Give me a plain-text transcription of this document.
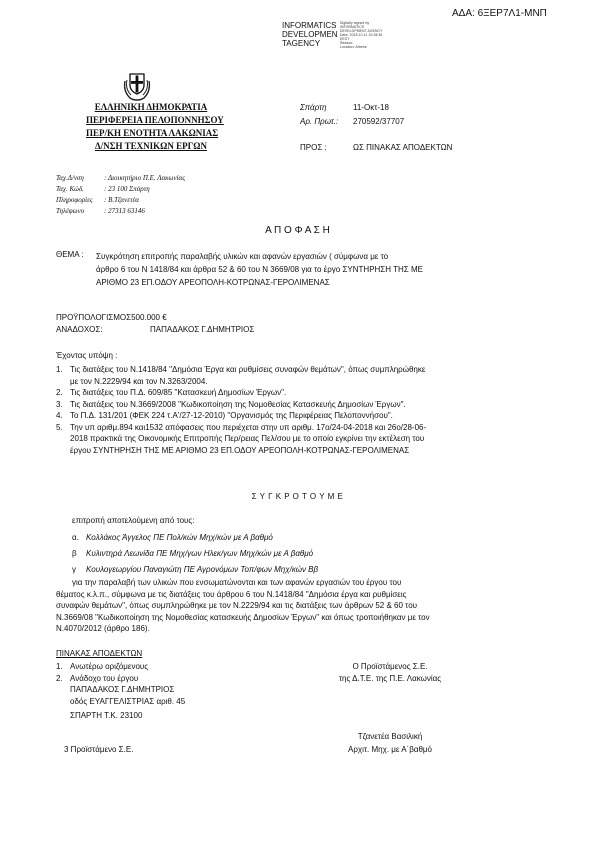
ΑΔΑ: 6ΞΕΡ7Λ1-ΜΝΠ
INFORMATICS
DEVELOPMEN
TAGENCY
Digitally signed by
INFORMATICS
DEVELOPMENT AGENCY
Date: 2018.10.11 10:28:36
EEST
Reason:
Location: Athens
ΕΛΛΗΝΙΚΗ ΔΗΜΟΚΡΑΤΙΑ
ΠΕΡΙΦΕΡΕΙΑ ΠΕΛΟΠΟΝΝΗΣΟΥ
ΠΕΡ/ΚΗ ΕΝΟΤΗΤΑ ΛΑΚΩΝΙΑΣ
Δ/ΝΣΗ ΤΕΧΝΙΚΩΝ ΕΡΓΩΝ
Σπάρτη	11-Οκτ-18
Αρ. Πρωτ.: 270592/37707
ΠΡΟΣ :	ΩΣ ΠΙΝΑΚΑΣ ΑΠΟΔΕΚΤΩΝ
Ταχ.Δ/νση	: Διοικητήριο Π.Ε. Λακωνίας
Ταχ. Κώδ.	: 23 100 Σπάρτη
Πληροφορίες : Β.Τζανετέα
Τηλέφωνο	: 27313 63146
Α Π Ο Φ Α Σ Η
ΘΕΜΑ : Συγκρότηση επιτροπής παραλαβής υλικών και αφανών εργασιών ( σύμφωνα με το
άρθρο 6 του Ν 1418/84 και άρθρα 52 & 60 του Ν 3669/08 για το έργο ΣΥΝΤΗΡΗΣΗ ΤΗΣ ΜΕ
ΑΡΙΘΜΟ 23 ΕΠ.ΟΔΟΥ ΑΡΕΟΠΟΛΗ-ΚΟΤΡΩΝΑΣ-ΓΕΡΟΛΙΜΕΝΑΣ
ΠΡΟΫΠΟΛΟΓΙΣΜΟΣ500.000 €
ΑΝΑΔΟΧΟΣ:	ΠΑΠΑΔΑΚΟΣ Γ.ΔΗΜΗΤΡΙΟΣ
Έχοντας υπόψη :
1. Τις διατάξεις του Ν.1418/84 "Δημόσια Έργα και ρυθμίσεις συναφών θεμάτων", όπως συμπληρώθηκε
με τον Ν.2229/94 και τον Ν.3263/2004.
2. Τις διατάξεις του Π.Δ. 609/85 "Κατασκευή Δημοσίων Έργων".
3. Τις διατάξεις του Ν.3669/2008 "Κωδικοποίηση της Νομοθεσίας Κατασκευής Δημοσίων Έργων".
4. Το Π.Δ. 131/201 (ΦΕΚ 224 τ.Α'/27-12-2010) "Οργανισμός της Περιφέρειας Πελοποννήσου".
5. Την υπ αριθμ.894 και1532 απόφασεις που περιέχεται στην υπ αριθμ. 17ο/24-04-2018 και 26ο/28-06-
2018 πρακτικά της Οικονομικής Επιτροπής Περ/ρειας Πελ/σου με το οποίο εγκρίνει την εκτέλεση του
έργου ΣΥΝΤΗΡΗΣΗ ΤΗΣ ΜΕ ΑΡΙΘΜΟ 23 ΕΠ.ΟΔΟΥ ΑΡΕΟΠΟΛΗ-ΚΟΤΡΩΝΑΣ-ΓΕΡΟΛΙΜΕΝΑΣ
Σ Υ Γ Κ Ρ Ο Τ Ο Υ Μ Ε
επιτροπή αποτελούμενη από τους:
α. Κολλάκος Άγγελος ΠΕ Πολ/κών Μηχ/κών με Α βαθμό
β Κυλιντηρά Λεωνίδα ΠΕ Μηχ/γων Ηλεκ/γων Μηχ/κών με Α βαθμό
γ Κουλογεωργίου Παναγιώτη ΠΕ Αγρονόμων Τοπ/φων Μηχ/κών Ββ
για την παραλαβή των υλικών που ενσωματώνονται και των αφανών εργασιών του έργου του
θέματος κ.λ.π., σύμφωνα με τις διατάξεις του άρθρου 6 του Ν.1418/84 "Δημόσια έργα και ρυθμίσεις
συναφών θεμάτων", όπως συμπληρώθηκε με τον Ν.2229/94 και τις διατάξεις των άρθρων 52 & 60 του
Ν.3669/08 "Κωδικοποίηση της Νομοθεσίας κατασκευής Δημοσίων Έργων" και όπως τροποιήθηκαν με τον
Ν.4070/2012 (άρθρο 186).
ΠΙΝΑΚΑΣ ΑΠΟΔΕΚΤΩΝ
1. Ανωτέρω οριζόμενους
2. Ανάδοχο του έργου
ΠΑΠΑΔΑΚΟΣ Γ.ΔΗΜΗΤΡΙΟΣ
οδός ΕΥΑΓΓΕΛΙΣΤΡΙΑΣ αριθ. 45
ΣΠΑΡΤΗ Τ.Κ. 23100
3 Προϊστάμενο Σ.Ε.
Ο Προϊστάμενος Σ.Ε.
της Δ.Τ.Ε. της Π.Ε. Λακωνίας
Τζανετέα Βασιλική
Αρχιτ. Μηχ. με Α΄βαθμό
